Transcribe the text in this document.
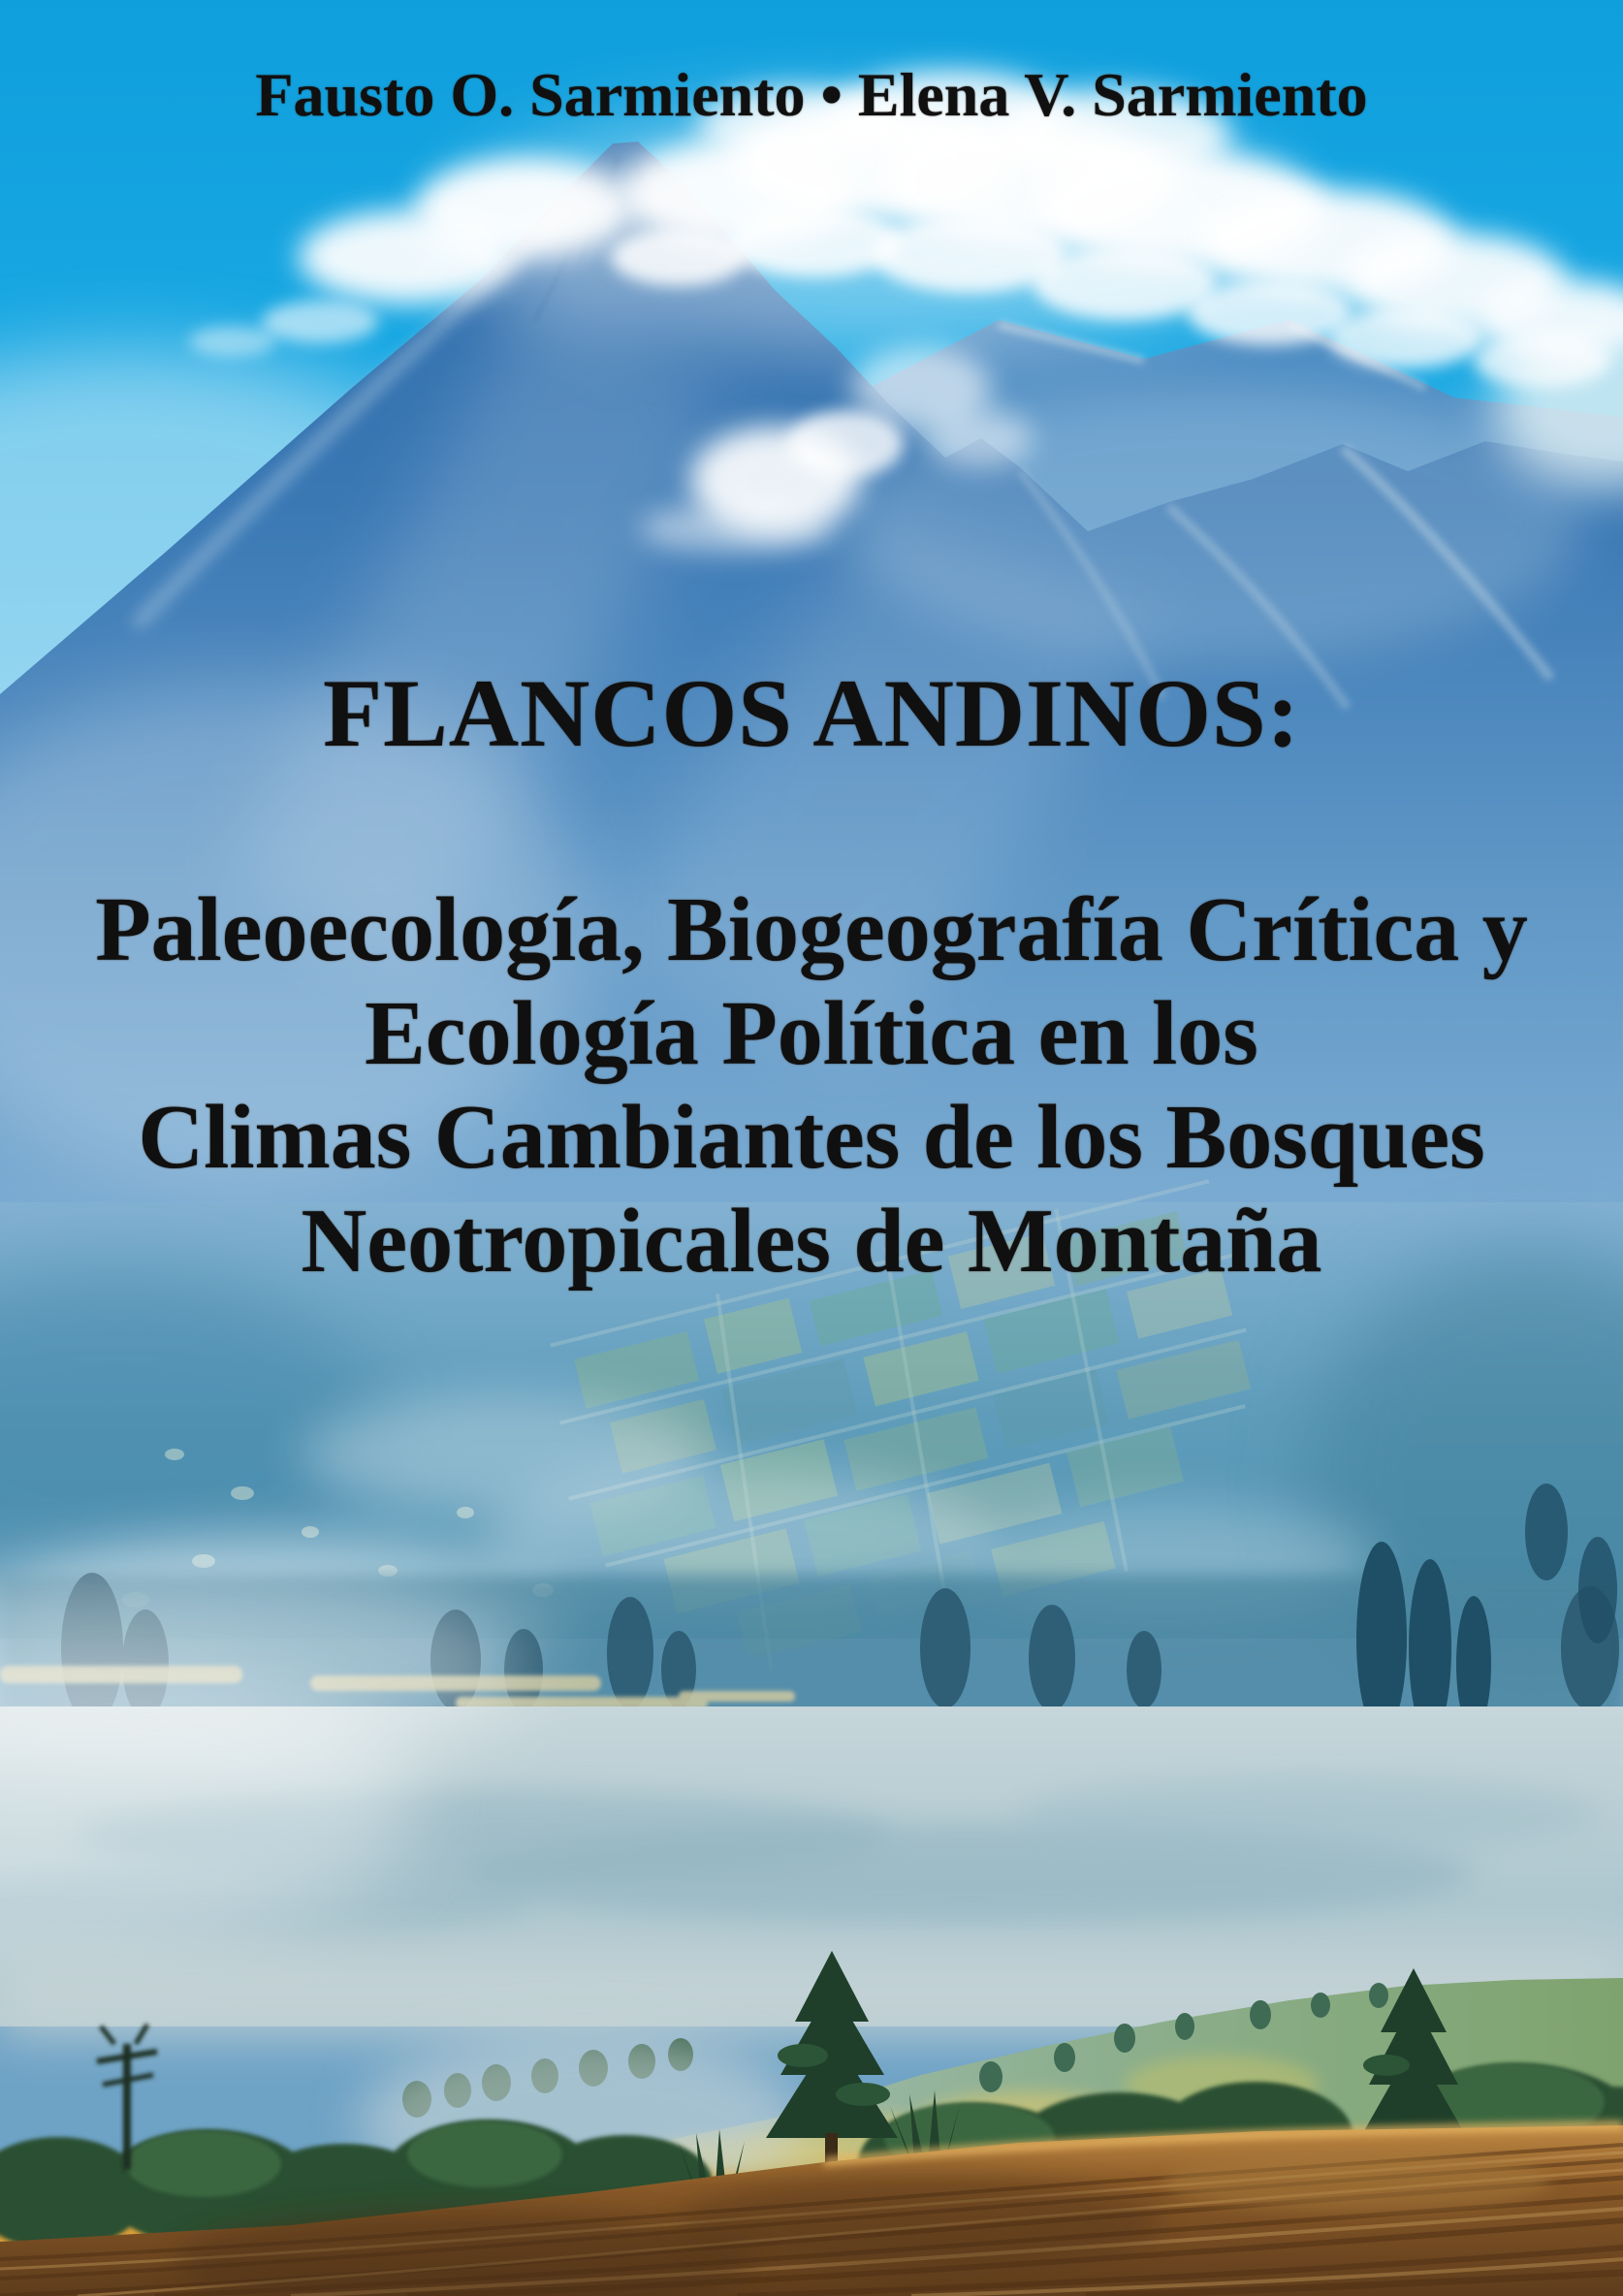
Fausto O. Sarmiento • Elena V. Sarmiento
FLANCOS ANDINOS:
Paleoecología, Biogeografía Crítica y
Ecología Política en los
Climas Cambiantes de los Bosques
Neotropicales de Montaña
